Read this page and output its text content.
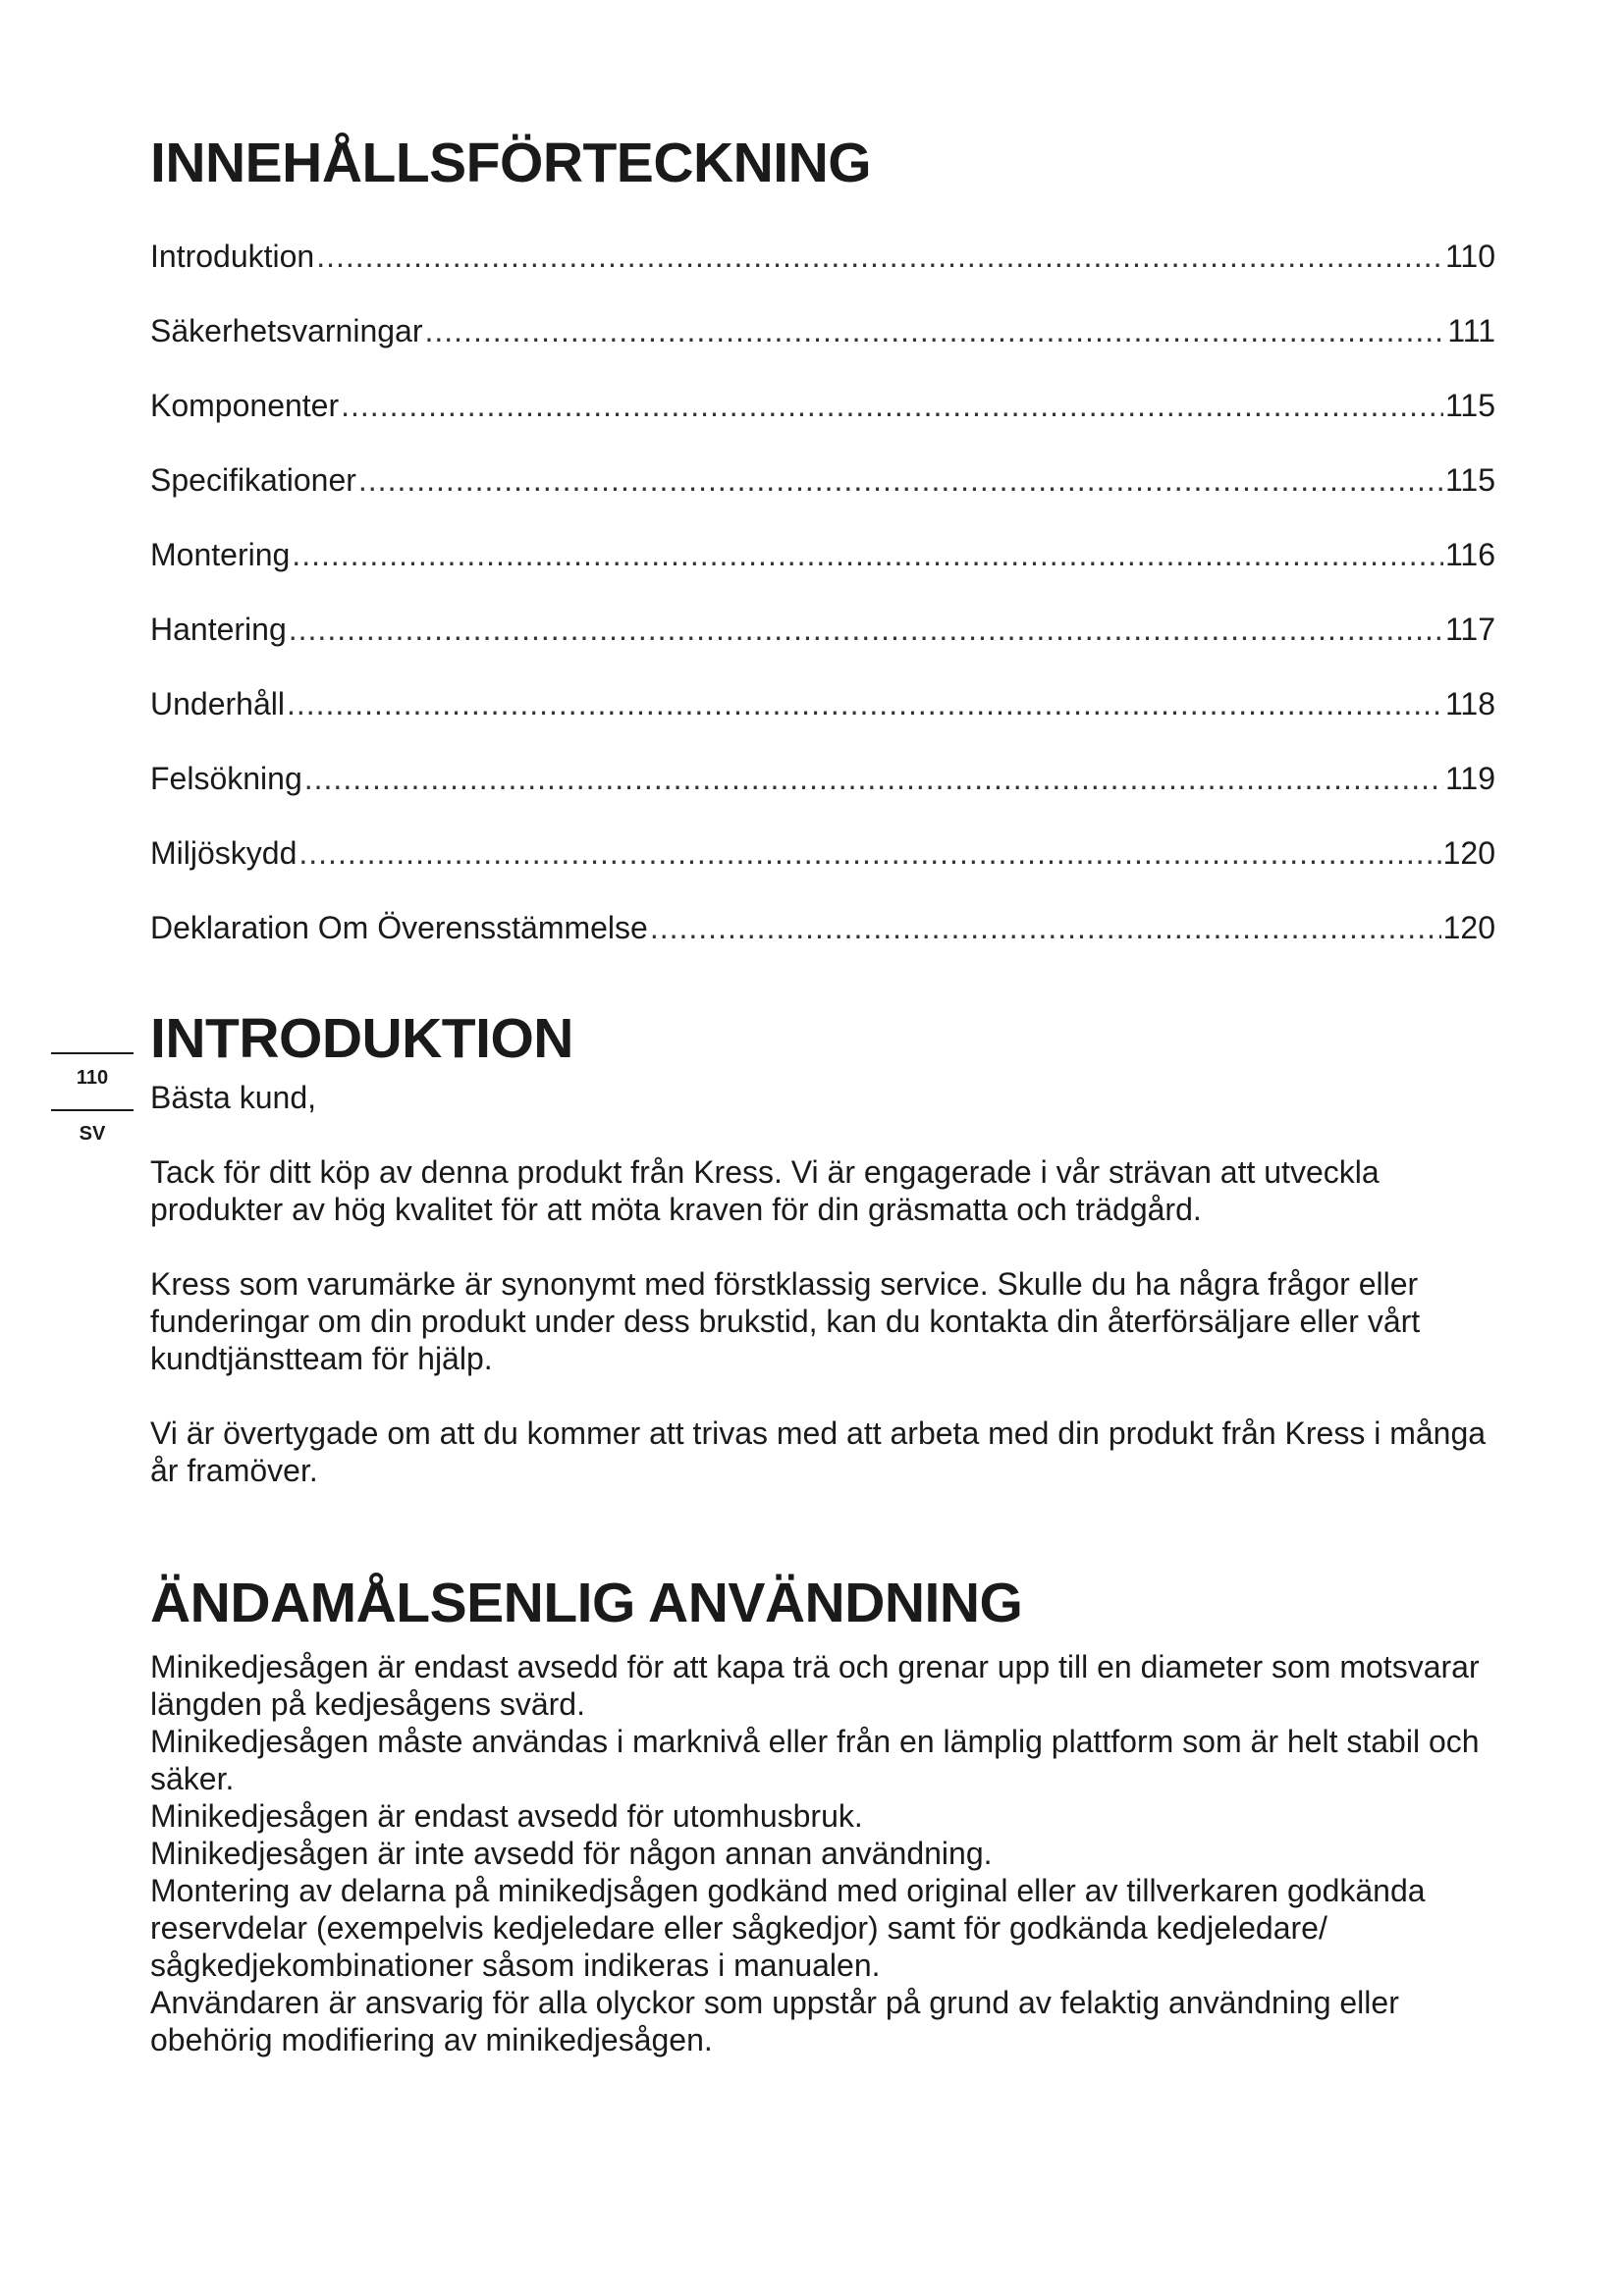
INNEHÅLLSFÖRTECKNING
Introduktion .....	110
Säkerhetsvarningar .....	111
Komponenter .....	115
Specifikationer .....	115
Montering .....	116
Hantering .....	117
Underhåll .....	118
Felsökning .....	119
Miljöskydd .....	120
Deklaration Om Överensstämmelse .....	120
110
SV
INTRODUKTION

Bästa kund,

Tack för ditt köp av denna produkt från Kress. Vi är engagerade i vår strävan att utveckla produkter av hög kvalitet för att möta kraven för din gräsmatta och trädgård.

Kress som varumärke är synonymt med förstklassig service. Skulle du ha några frågor eller funderingar om din produkt under dess brukstid, kan du kontakta din återförsäljare eller vårt kundtjänstteam för hjälp.

Vi är övertygade om att du kommer att trivas med att arbeta med din produkt från Kress i många år framöver.

ÄNDAMÅLSENLIG ANVÄNDNING

Minikedjesågen är endast avsedd för att kapa trä och grenar upp till en diameter som motsvarar längden på kedjesågens svärd.

Minikedjesågen måste användas i marknivå eller från en lämplig plattform som är helt stabil och säker.

Minikedjesågen är endast avsedd för utomhusbruk.

Minikedjesågen är inte avsedd för någon annan användning.

Montering av delarna på minikedjsågen godkänd med original eller av tillverkaren godkända reservdelar (exempelvis kedjeledare eller sågkedjor) samt för godkända kedjeledare/ sågkedjekombinationer såsom indikeras i manualen.

Användaren är ansvarig för alla olyckor som uppstår på grund av felaktig användning eller obehörig modifiering av minikedjesågen.
